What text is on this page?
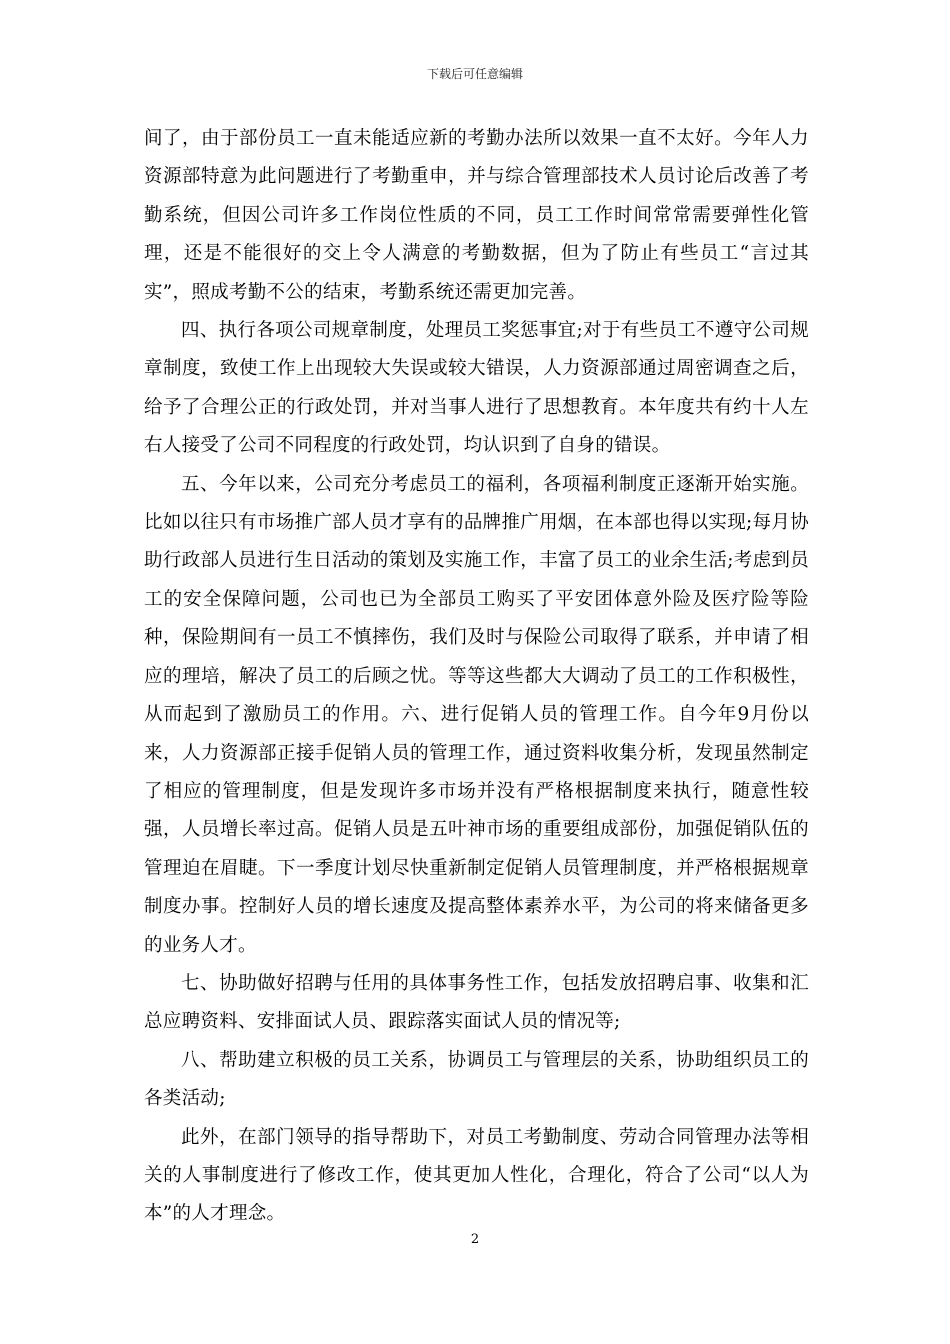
下载后可任意编辑

间了，由于部份员工一直未能适应新的考勤办法所以效果一直不太好。今年人力资源部特意为此问题进行了考勤重申，并与综合管理部技术人员讨论后改善了考勤系统，但因公司许多工作岗位性质的不同，员工工作时间常常需要弹性化管理，还是不能很好的交上令人满意的考勤数据，但为了防止有些员工“言过其实”，照成考勤不公的结束，考勤系统还需更加完善。

四、执行各项公司规章制度，处理员工奖惩事宜;对于有些员工不遵守公司规章制度，致使工作上出现较大失误或较大错误，人力资源部通过周密调查之后，给予了合理公正的行政处罚，并对当事人进行了思想教育。本年度共有约十人左右人接受了公司不同程度的行政处罚，均认识到了自身的错误。

五、今年以来，公司充分考虑员工的福利，各项福利制度正逐渐开始实施。比如以往只有市场推广部人员才享有的品牌推广用烟，在本部也得以实现;每月协助行政部人员进行生日活动的策划及实施工作，丰富了员工的业余生活;考虑到员工的安全保障问题，公司也已为全部员工购买了平安团体意外险及医疗险等险种，保险期间有一员工不慎摔伤，我们及时与保险公司取得了联系，并申请了相应的理培，解决了员工的后顾之忧。等等这些都大大调动了员工的工作积极性，从而起到了激励员工的作用。六、进行促销人员的管理工作。自今年9月份以来，人力资源部正接手促销人员的管理工作，通过资料收集分析，发现虽然制定了相应的管理制度，但是发现许多市场并没有严格根据制度来执行，随意性较强，人员增长率过高。促销人员是五叶神市场的重要组成部份，加强促销队伍的管理迫在眉睫。下一季度计划尽快重新制定促销人员管理制度，并严格根据规章制度办事。控制好人员的增长速度及提高整体素养水平，为公司的将来储备更多的业务人才。

七、协助做好招聘与任用的具体事务性工作，包括发放招聘启事、收集和汇总应聘资料、安排面试人员、跟踪落实面试人员的情况等;

八、帮助建立积极的员工关系，协调员工与管理层的关系，协助组织员工的各类活动;

此外，在部门领导的指导帮助下，对员工考勤制度、劳动合同管理办法等相关的人事制度进行了修改工作，使其更加人性化，合理化，符合了公司“以人为本”的人才理念。

2
